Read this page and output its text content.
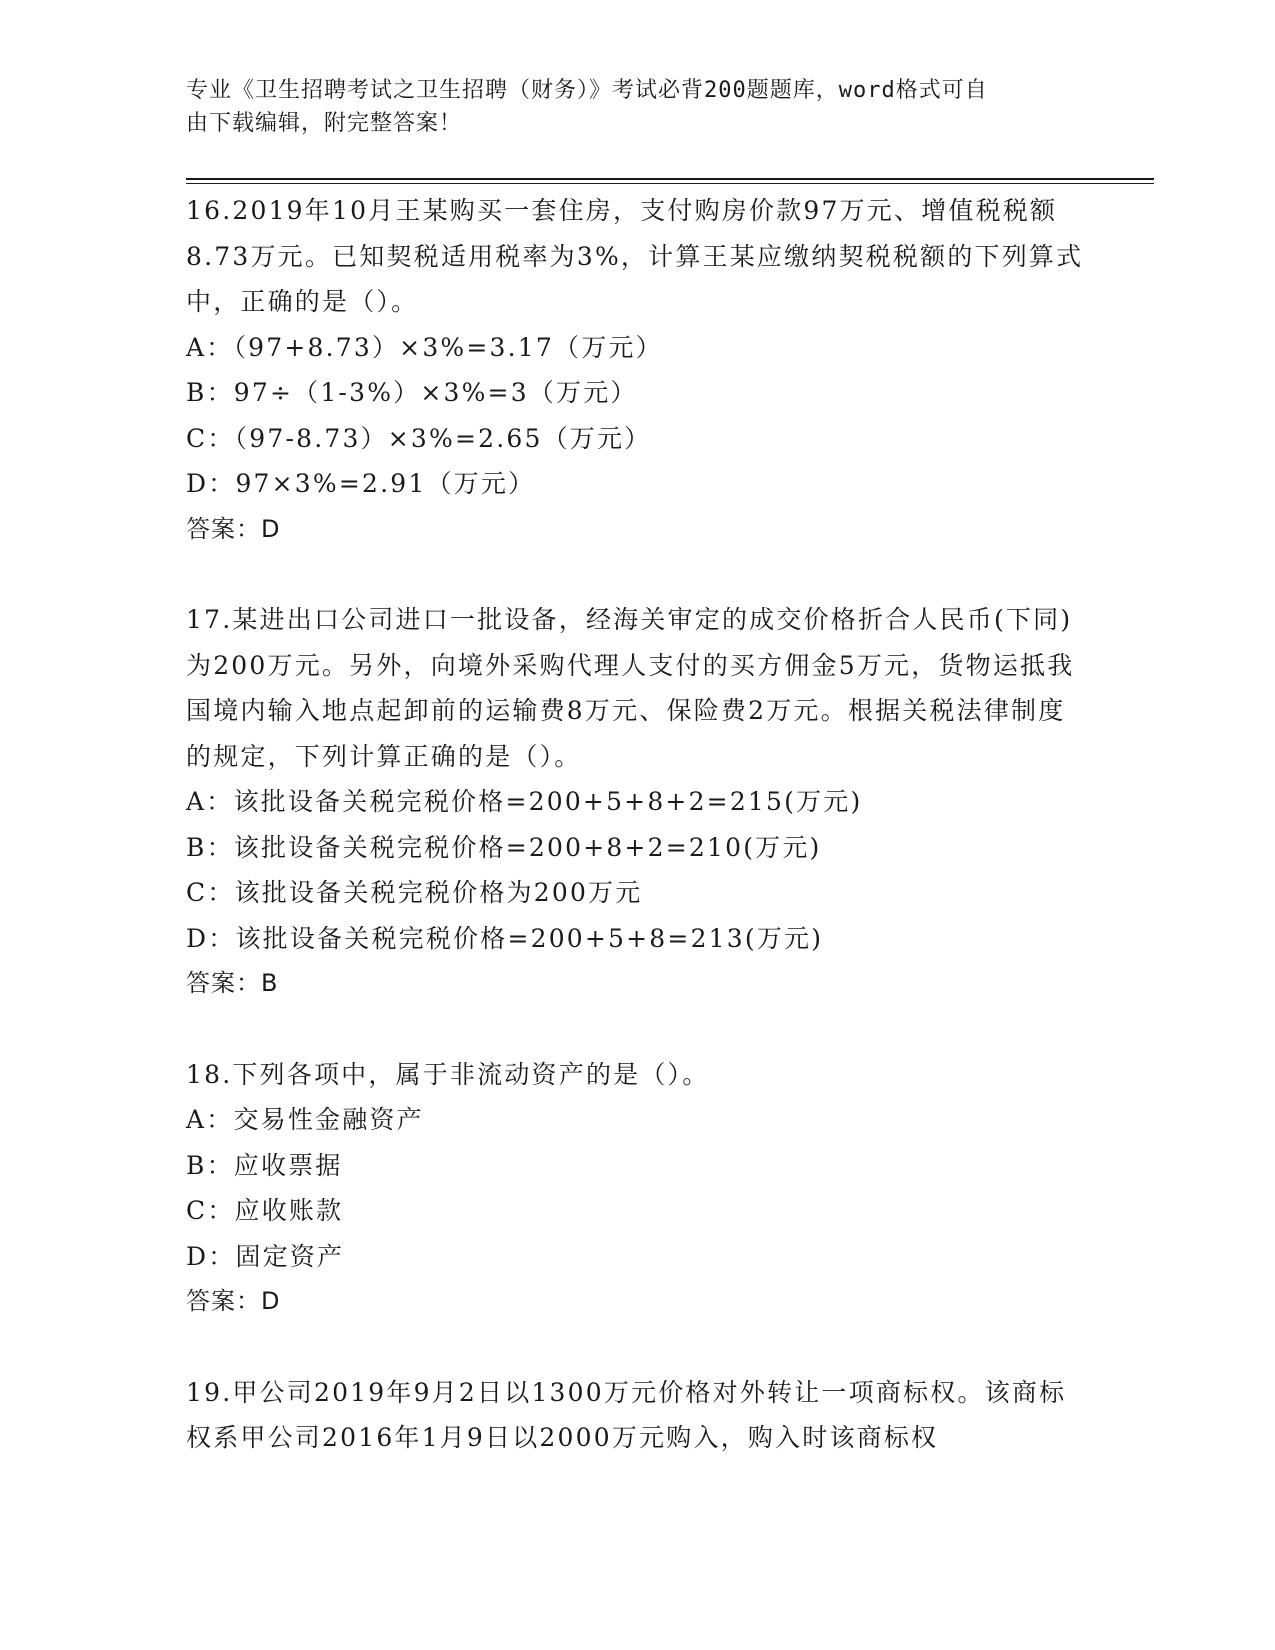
专业《卫生招聘考试之卫生招聘（财务）》考试必背200题题库，word格式可自
由下载编辑，附完整答案！
16.2019年10月王某购买一套住房，支付购房价款97万元、增值税税额8.73万元。已知契税适用税率为3%，计算王某应缴纳契税税额的下列算式中，正确的是（）。
A：（97+8.73）×3%=3.17（万元）
B：97÷（1-3%）×3%=3（万元）
C：（97-8.73）×3%=2.65（万元）
D：97×3%=2.91（万元）
答案：D
17.某进出口公司进口一批设备，经海关审定的成交价格折合人民币(下同)为200万元。另外，向境外采购代理人支付的买方佣金5万元，货物运抵我国境内输入地点起卸前的运输费8万元、保险费2万元。根据关税法律制度的规定，下列计算正确的是（）。
A：该批设备关税完税价格=200+5+8+2=215(万元)
B：该批设备关税完税价格=200+8+2=210(万元)
C：该批设备关税完税价格为200万元
D：该批设备关税完税价格=200+5+8=213(万元)
答案：B
18.下列各项中，属于非流动资产的是（）。
A：交易性金融资产
B：应收票据
C：应收账款
D：固定资产
答案：D
19.甲公司2019年9月2日以1300万元价格对外转让一项商标权。该商标权系甲公司2016年1月9日以2000万元购入，购入时该商标权
